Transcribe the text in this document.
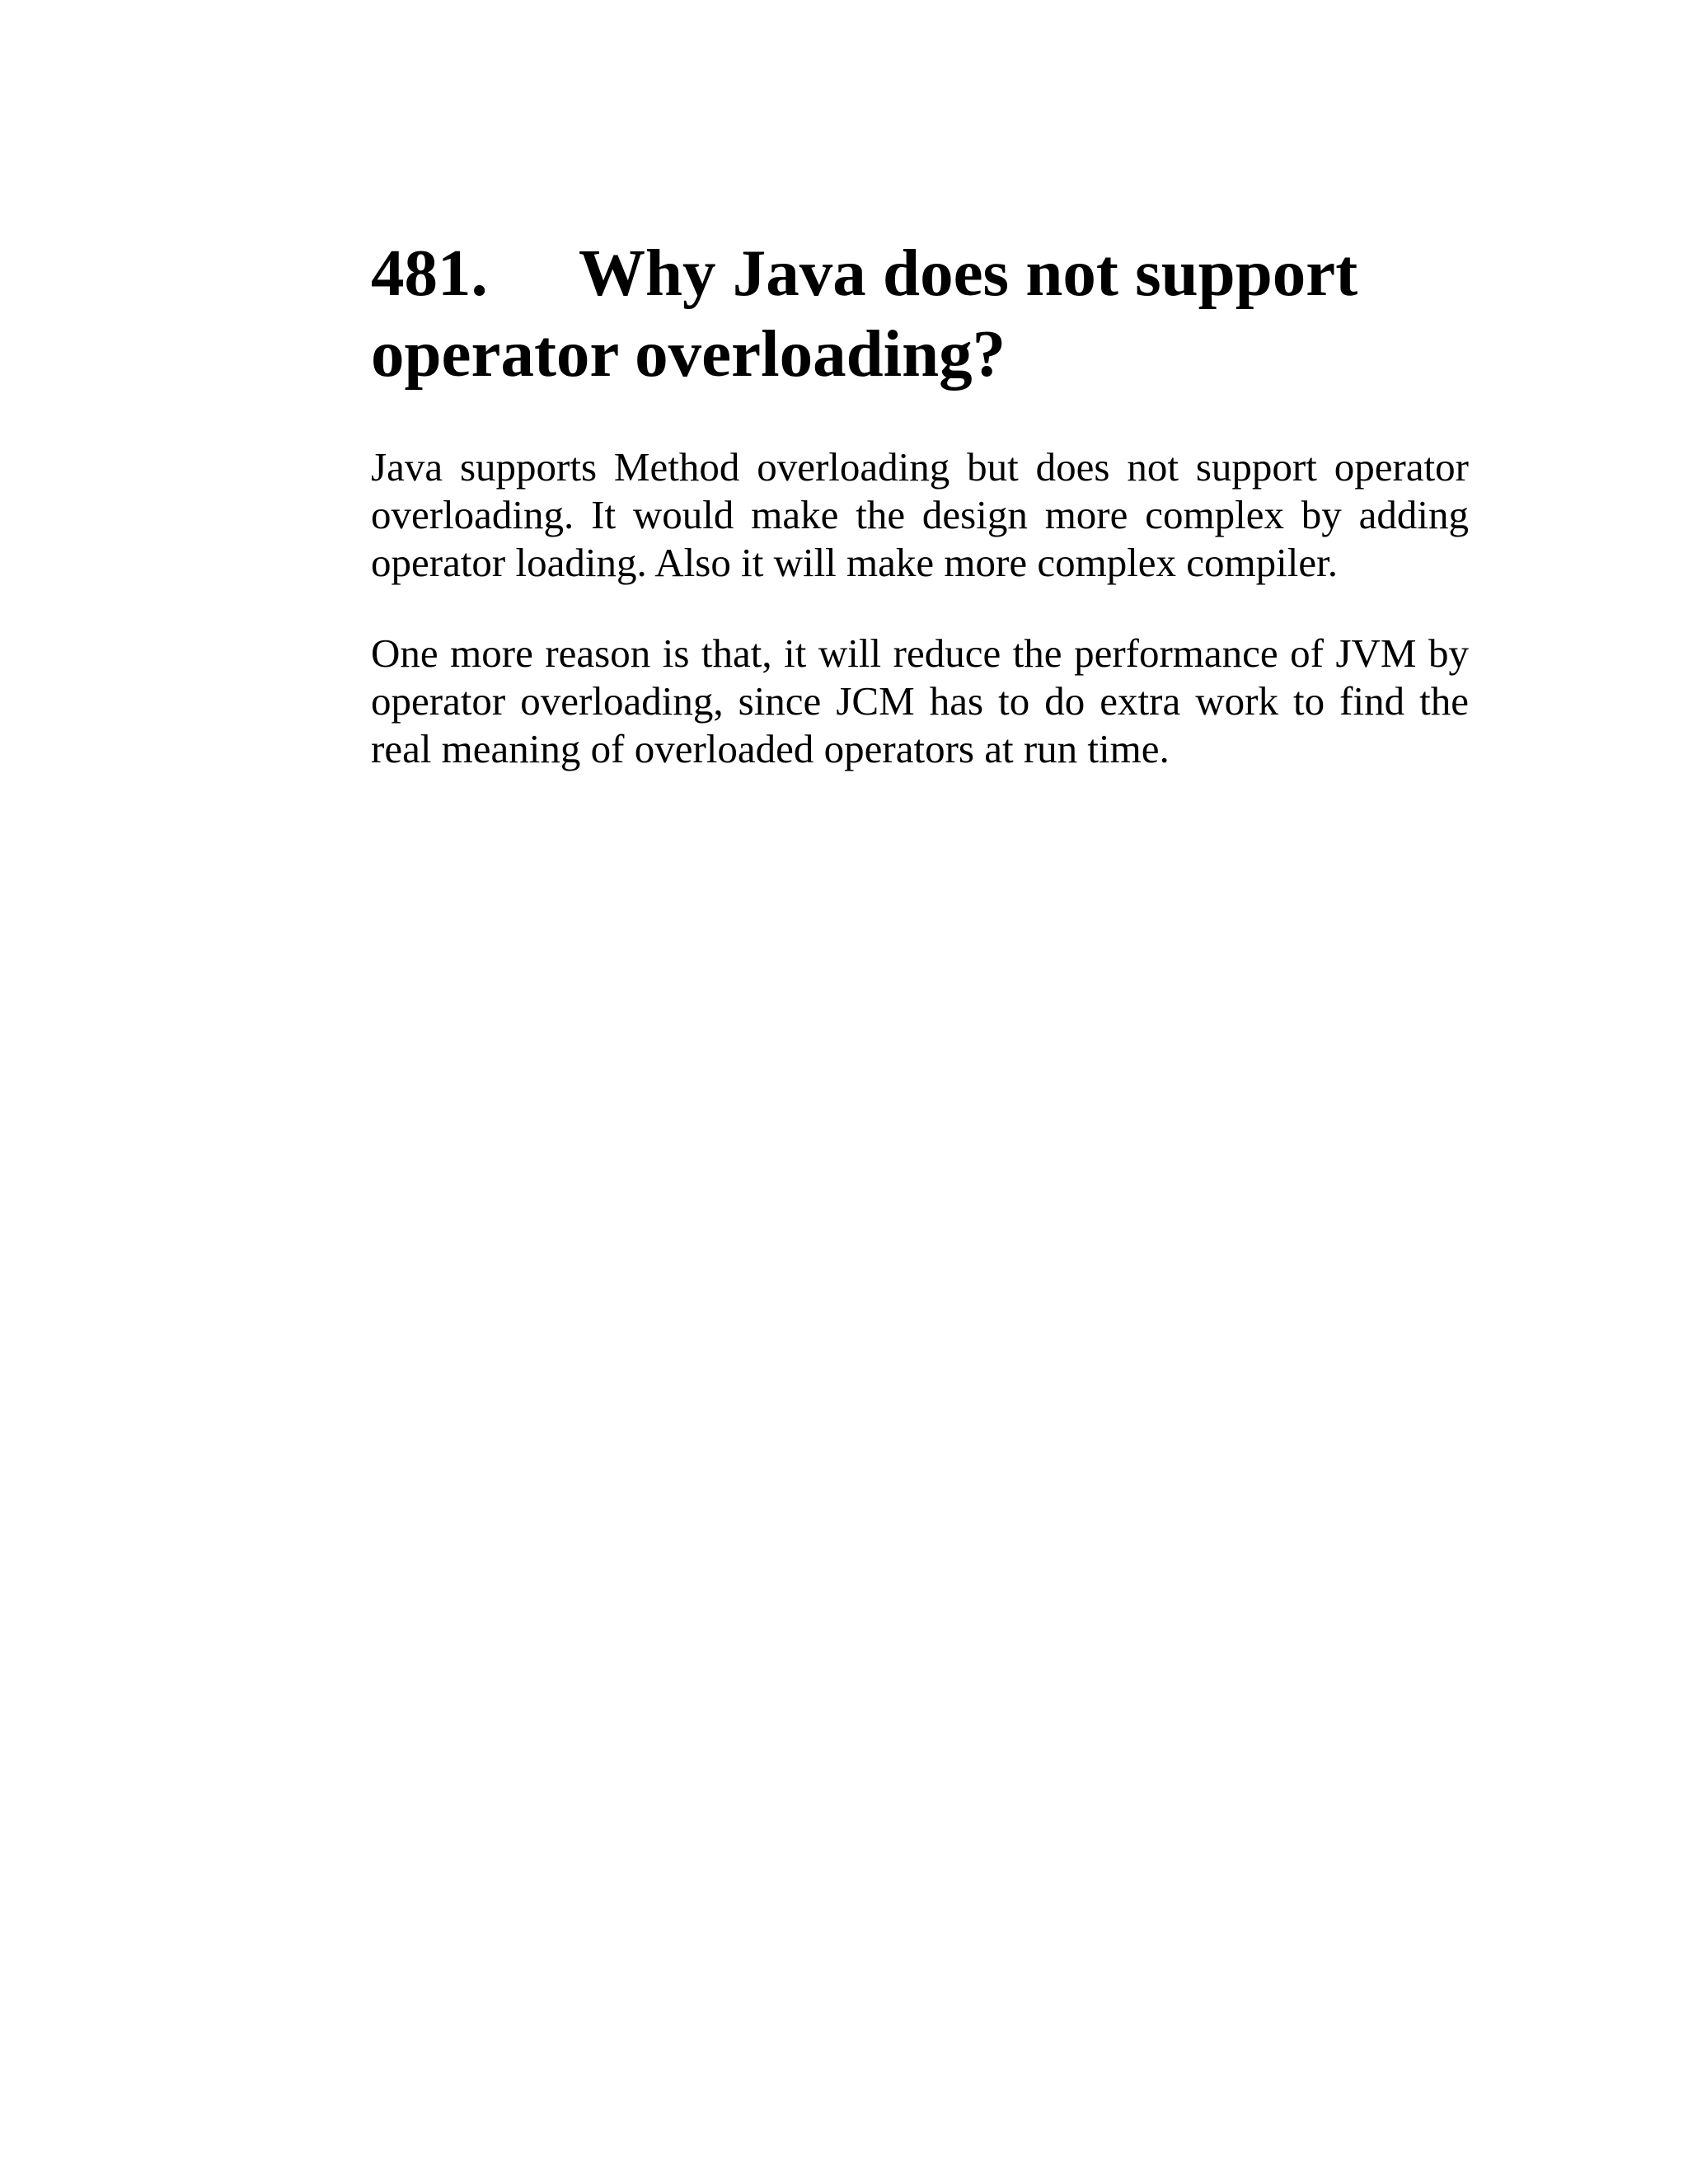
481. Why Java does not support operator overloading?

Java supports Method overloading but does not support operator overloading. It would make the design more complex by adding operator loading. Also it will make more complex compiler.

One more reason is that, it will reduce the performance of JVM by operator overloading, since JCM has to do extra work to find the real meaning of overloaded operators at run time.
